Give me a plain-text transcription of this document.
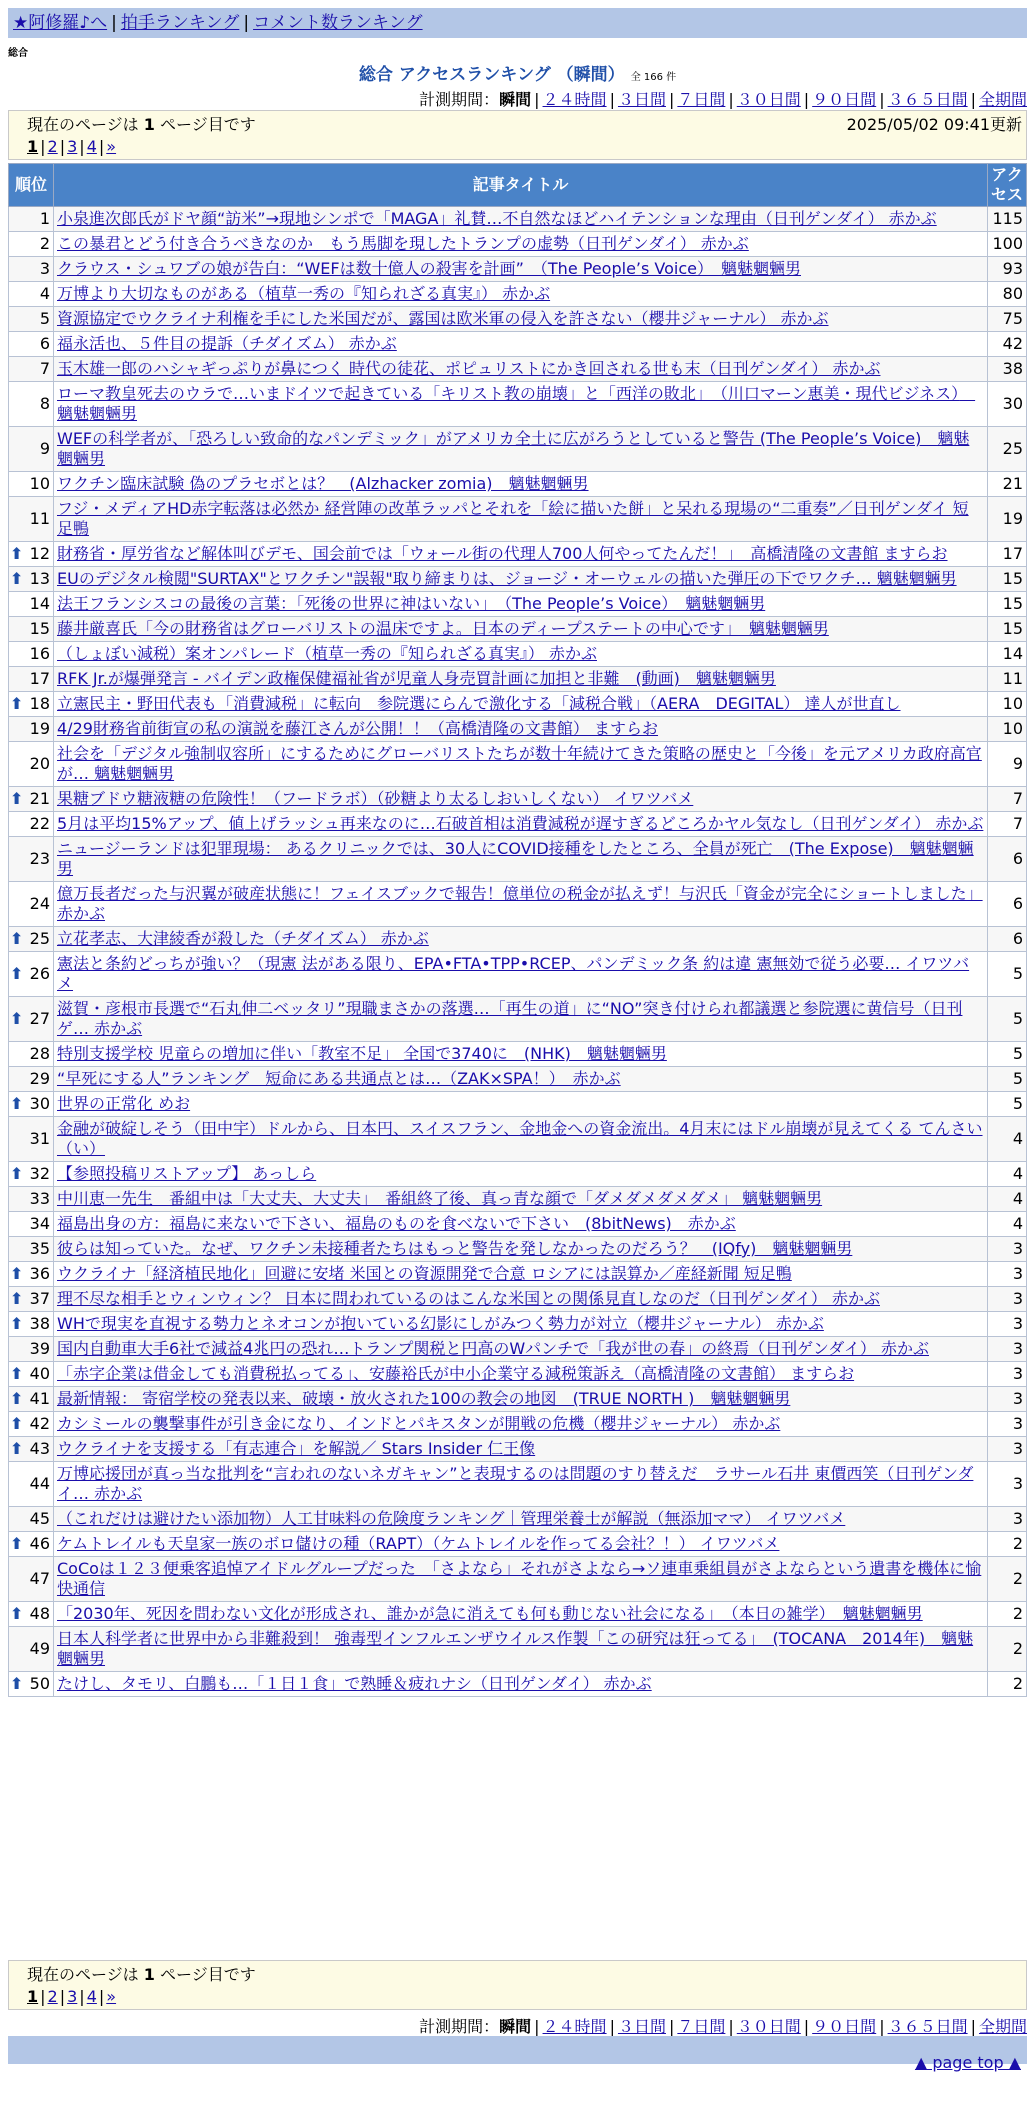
★阿修羅♪へ | 拍手ランキング | コメント数ランキング
総合
総合 アクセスランキング （瞬間） 全 166 件
計測期間：瞬間 | ２４時間 | ３日間 | ７日間 | ３０日間 | ９０日間 | ３６５日間 | 全期間
現在のページは 1 ページ目です	2025/05/02 09:41更新
1 | 2 | 3 | 4 | »
順位	記事タイトル	アクセス
1	小泉進次郎氏がドヤ顔“訪米”→現地シンポで「MAGA」礼賛…不自然なほどハイテンションな理由（日刊ゲンダイ） 赤かぶ	115
2	この暴君とどう付き合うべきなのか　もう馬脚を現したトランプの虚勢（日刊ゲンダイ） 赤かぶ	100
3	クラウス・シュワブの娘が告白：“WEFは数十億人の殺害を計画”　（The People’s Voice）　魑魅魍魎男	93
4	万博より大切なものがある（植草一秀の『知られざる真実』） 赤かぶ	80
5	資源協定でウクライナ利権を手にした米国だが、露国は欧米軍の侵入を許さない（櫻井ジャーナル） 赤かぶ	75
6	福永活也、５件目の提訴（チダイズム） 赤かぶ	42
7	玉木雄一郎のハシャギっぷりが鼻につく 時代の徒花、ポピュリストにかき回される世も末（日刊ゲンダイ） 赤かぶ	38
8	ローマ教皇死去のウラで…いまドイツで起きている「キリスト教の崩壊」と「西洋の敗北」　（川口マーン惠美・現代ビジネス）　魑魅魍魎男	30
9	WEFの科学者が、「恐ろしい致命的なパンデミック」がアメリカ全土に広がろうとしていると警告 (The People’s Voice)　魑魅魍魎男	25
10	ワクチン臨床試験 偽のプラセボとは？　(Alzhacker zomia)　魑魅魍魎男	21
11	フジ・メディアHD赤字転落は必然か 経営陣の改革ラッパとそれを「絵に描いた餅」と呆れる現場の“二重奏”／日刊ゲンダイ 短足鴨	19

⬆ 12	財務省・厚労省など解体叫びデモ、国会前では「ウォール街の代理人700人何やってたんだ！」　高橋清隆の文書館 ますらお	17

⬆ 13	EUのデジタル検閲"SURTAX"とワクチン"誤報"取り締まりは、ジョージ・オーウェルの描いた弾圧の下でワクチ… 魑魅魍魎男	15
14	法王フランシスコの最後の言葉：「死後の世界に神はいない」　（The People’s Voice）　魑魅魍魎男	15
15	藤井厳喜氏「今の財務省はグローバリストの温床ですよ。日本のディープステートの中心です」　魑魅魍魎男	15
16	（しょぼい減税）案オンパレード（植草一秀の『知られざる真実』） 赤かぶ	14
17	RFK Jr.が爆弾発言 - バイデン政権保健福祉省が児童人身売買計画に加担と非難　(動画)　魑魅魍魎男	11

⬆ 18	立憲民主・野田代表も「消費減税」に転向　参院選にらんで激化する「減税合戦」（AERA　DEGITAL） 達人が世直し	10
19	4/29財務省前街宣の私の演説を藤江さんが公開！！（高橋清隆の文書館） ますらお	10
20	社会を「デジタル強制収容所」にするためにグローバリストたちが数十年続けてきた策略の歴史と「今後」を元アメリカ政府高官が… 魑魅魍魎男	9

⬆ 21	果糖ブドウ糖液糖の危険性！（フードラボ）（砂糖より太るしおいしくない） イワツバメ	7
22	5月は平均15%アップ、値上げラッシュ再来なのに…石破首相は消費減税が遅すぎるどころかヤル気なし（日刊ゲンダイ） 赤かぶ	7
23	ニュージーランドは犯罪現場： あるクリニックでは、30人にCOVID接種をしたところ、全員が死亡　(The Expose)　魑魅魍魎男	6
24	億万長者だった与沢翼が破産状態に！フェイスブックで報告！億単位の税金が払えず！与沢氏「資金が完全にショートしました」 赤かぶ	6

⬆ 25	立花孝志、大津綾香が殺した（チダイズム） 赤かぶ	6

⬆ 26	憲法と条約どっちが強い？（現憲 法がある限り、EPA•FTA•TPP•RCEP、パンデミック条 約は違 憲無効で従う必要… イワツバメ	5

⬆ 27	滋賀・彦根市長選で“石丸伸二ベッタリ”現職まさかの落選…「再生の道」に“NO”突き付けられ都議選と参院選に黄信号（日刊ゲ… 赤かぶ	5
28	特別支援学校 児童らの増加に伴い「教室不足」 全国で3740に　(NHK)　魑魅魍魎男	5
29	“早死にする人”ランキング　短命にある共通点とは…（ZAK×SPA！）　赤かぶ	5

⬆ 30	世界の正常化 めお	5
31	金融が破綻しそう（田中宇）ドルから、日本円、スイスフラン、金地金への資金流出。4月末にはドル崩壊が見えてくる てんさい（い）	4

⬆ 32	【参照投稿リストアップ】 あっしら	4
33	中川恵一先生　番組中は「大丈夫、大丈夫」　番組終了後、真っ青な顔で「ダメダメダメダメ」 魑魅魍魎男	4
34	福島出身の方：福島に来ないで下さい、福島のものを食べないで下さい　(8bitNews)　赤かぶ	4
35	彼らは知っていた。なぜ、ワクチン未接種者たちはもっと警告を発しなかったのだろう？　(IQfy)　魑魅魍魎男	3

⬆ 36	ウクライナ「経済植民地化」回避に安堵 米国との資源開発で合意 ロシアには誤算か／産経新聞 短足鴨	3

⬆ 37	理不尽な相手とウィンウィン？ 日本に問われているのはこんな米国との関係見直しなのだ（日刊ゲンダイ） 赤かぶ	3

⬆ 38	WHで現実を直視する勢力とネオコンが抱いている幻影にしがみつく勢力が対立（櫻井ジャーナル） 赤かぶ	3
39	国内自動車大手6社で減益4兆円の恐れ…トランプ関税と円高のWパンチで「我が世の春」の終焉（日刊ゲンダイ） 赤かぶ	3

⬆ 40	「赤字企業は借金しても消費税払ってる」、安藤裕氏が中小企業守る減税策訴え（高橋清隆の文書館） ますらお	3

⬆ 41	最新情報： 寄宿学校の発表以来、破壊・放火された100の教会の地図　(TRUE NORTH )　魑魅魍魎男	3

⬆ 42	カシミールの襲撃事件が引き金になり、インドとパキスタンが開戦の危機（櫻井ジャーナル） 赤かぶ	3

⬆ 43	ウクライナを支援する「有志連合」を解説／ Stars Insider 仁王像	3
44	万博応援団が真っ当な批判を“言われのないネガキャン”と表現するのは問題のすり替えだ　ラサール石井 東價西笑（日刊ゲンダイ… 赤かぶ	3
45	（これだけは避けたい添加物）人工甘味料の危険度ランキング｜管理栄養士が解説（無添加ママ） イワツバメ	3

⬆ 46	ケムトレイルも天皇家一族のボロ儲けの種（RAPT）（ケムトレイルを作ってる会社？！） イワツバメ	2
47	CoCoは１２３便乗客追悼アイドルグループだった　「さよなら」それがさよなら→ソ連車乗組員がさよならという遺書を機体に愉快通信	2

⬆ 48	「2030年、死因を問わない文化が形成され、誰かが急に消えても何も動じない社会になる」　（本日の雑学）　魑魅魍魎男	2
49	日本人科学者に世界中から非難殺到！ 強毒型インフルエンザウイルス作製「この研究は狂ってる」　(TOCANA　2014年)　魑魅魍魎男	2

⬆ 50	たけし、タモリ、白鵬も…「１日１食」で熟睡＆疲れナシ（日刊ゲンダイ） 赤かぶ	2
現在のページは 1 ページ目です
1 | 2 | 3 | 4 | »
計測期間：瞬間 | ２４時間 | ３日間 | ７日間 | ３０日間 | ９０日間 | ３６５日間 | 全期間
▲ page top ▲
